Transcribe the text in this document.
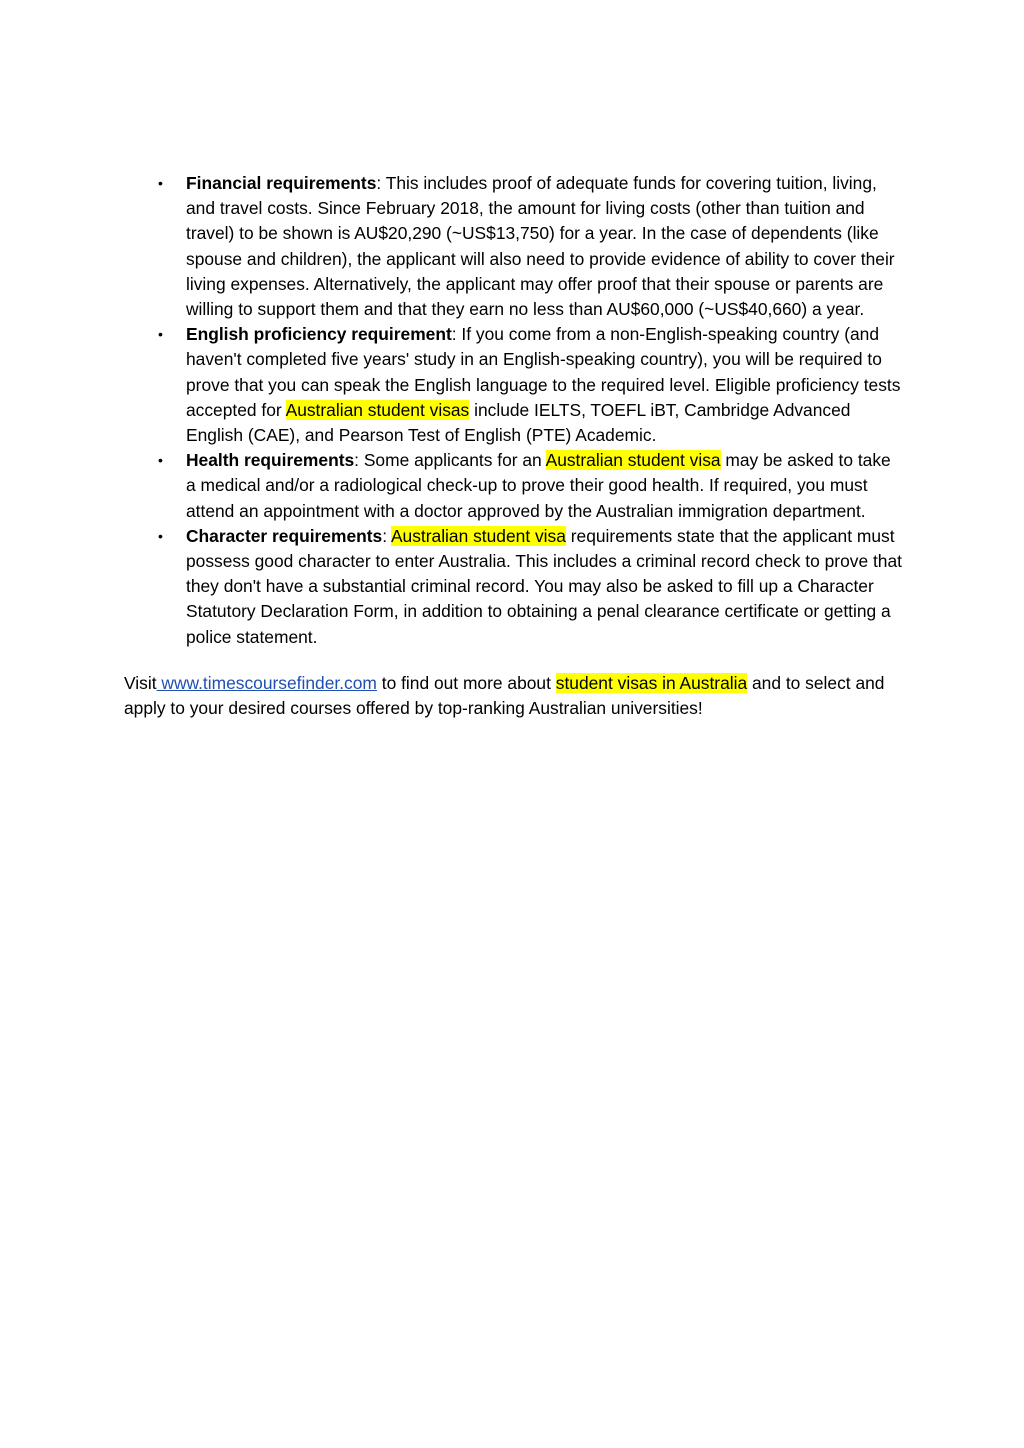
• Financial requirements: This includes proof of adequate funds for covering tuition, living, and travel costs. Since February 2018, the amount for living costs (other than tuition and travel) to be shown is AU$20,290 (~US$13,750) for a year. In the case of dependents (like spouse and children), the applicant will also need to provide evidence of ability to cover their living expenses. Alternatively, the applicant may offer proof that their spouse or parents are willing to support them and that they earn no less than AU$60,000 (~US$40,660) a year.
• English proficiency requirement: If you come from a non-English-speaking country (and haven't completed five years' study in an English-speaking country), you will be required to prove that you can speak the English language to the required level. Eligible proficiency tests accepted for Australian student visas include IELTS, TOEFL iBT, Cambridge Advanced English (CAE), and Pearson Test of English (PTE) Academic.
• Health requirements: Some applicants for an Australian student visa may be asked to take a medical and/or a radiological check-up to prove their good health. If required, you must attend an appointment with a doctor approved by the Australian immigration department.
• Character requirements: Australian student visa requirements state that the applicant must possess good character to enter Australia. This includes a criminal record check to prove that they don't have a substantial criminal record. You may also be asked to fill up a Character Statutory Declaration Form, in addition to obtaining a penal clearance certificate or getting a police statement.

Visit www.timescoursefinder.com to find out more about student visas in Australia and to select and apply to your desired courses offered by top-ranking Australian universities!
